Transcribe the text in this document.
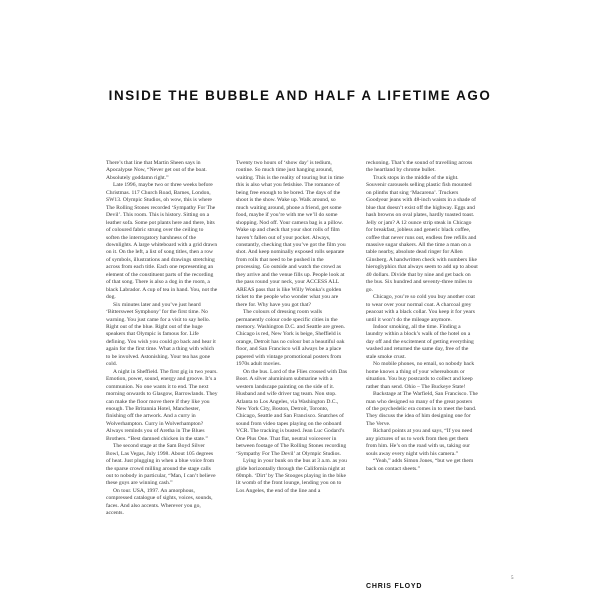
INSIDE THE BUBBLE AND HALF A LIFETIME AGO

There’s that line that Martin Sheen says in Apocalypse Now, “Never get out of the boat. Absolutely goddamn right.”

Late 1996, maybe two or three weeks before Christmas. 117 Church Road, Barnes, London, SW13. Olympic Studios, oh wow, this is where The Rolling Stones recorded ‘Sympathy For The Devil’. This room. This is history. Sitting on a leather sofa. Some pot plants here and there, bits of coloured fabric strung over the ceiling to soften the interrogatory harshness of the downlights. A large whiteboard with a grid drawn on it. On the left, a list of song titles, then a row of symbols, illustrations and drawings stretching across from each title. Each one representing an element of the constituent parts of the recording of that song. There is also a dog in the room, a black Labrador. A cup of tea in hand. You, not the dog.

Six minutes later and you’ve just heard ‘Bittersweet Symphony’ for the first time. No warning. You just came for a visit to say hello. Right out of the blue. Right out of the huge speakers that Olympic is famous for. Life defining. You wish you could go back and hear it again for the first time. What a thing with which to be involved. Astonishing. Your tea has gone cold.

A night in Sheffield. The first gig in two years. Emotion, power, sound, energy and groove. It’s a communion. No one wants it to end. The next morning onwards to Glasgow, Barrowlands. They can make the floor move there if they like you enough. The Britannia Hotel, Manchester, finishing off the artwork. And a curry in Wolverhampton. Curry in Wolverhampton? Always reminds you of Aretha in The Blues Brothers. “Best damned chicken in the state.”

The second stage at the Sam Boyd Silver Bowl, Las Vegas, July 1998. About 105 degrees of heat. Just plugging in when a blue voice from the sparse crowd milling around the stage calls out to nobody in particular, “Man, I can’t believe these guys are winning cash.”

On tour. USA, 1997. An amorphous, compressed catalogue of sights, voices, sounds, faces. And also accents. Wherever you go, accents.

Twenty two hours of ‘show day’ is tedium, routine. So much time just hanging around, waiting. This is the reality of touring but in time this is also what you fetishise. The romance of being free enough to be bored. The days of the shoot is the show. Wake up. Walk around, so much waiting around, phone a friend, get some food, maybe if you’re with me we’ll do some shopping. Nod off. Your camera bag is a pillow. Wake up and check that your shot rolls of film haven’t fallen out of your pocket. Always, constantly, checking that you’ve got the film you shot. And keep nominally exposed rolls separate from rolls that need to be pushed in the processing. Go outside and watch the crowd as they arrive and the venue fills up. People look at the pass round your neck, your ACCESS ALL AREAS pass that is like Willy Wonka’s golden ticket to the people who wonder what you are there for. Why have you got that?

The colours of dressing room walls permanently colour code specific cities in the memory. Washington D.C. and Seattle are green. Chicago is red, New York is beige, Sheffield is orange, Detroit has no colour but a beautiful oak floor, and San Francisco will always be a place papered with vintage promotional posters from 1970s adult movies.

On the bus. Lord of the Flies crossed with Das Boot. A silver aluminium submarine with a western landscape painting on the side of it. Husband and wife driver tag team. Non stop. Atlanta to Los Angeles, via Washington D.C., New York City, Boston, Detroit, Toronto, Chicago, Seattle and San Francisco. Snatches of sound from video tapes playing on the onboard VCR. The tracking is busted. Jean Luc Godard’s One Plus One. That flat, neutral voiceover in between footage of The Rolling Stones recording ‘Sympathy For The Devil’ at Olympic Studios.

Lying in your bunk on the bus at 3 a.m. as you glide horizontally through the California night at 60mph. ‘Dirt’ by The Stooges playing in the bike lit womb of the front lounge, lending you on to Los Angeles, the end of the line and a

reckoning. That’s the sound of travelling across the heartland by chrome bullet.

Truck stops in the middle of the night. Souvenir carousels selling plastic fish mounted on plinths that sing ‘Macarena’. Truckers Goodyear jeans with 48-inch waists in a shade of blue that doesn’t exist off the highway. Eggs and hash browns on oval plates, hardly toasted toast. Jelly or jam? A 12 ounce strip steak in Chicago for breakfast, jobless and generic black coffee, coffee that never runs out, endless free refills and massive sugar shakers. All the time a man on a table nearby, absolute dead ringer for Allen Ginsberg. A handwritten check with numbers like hieroglyphics that always seem to add up to about 40 dollars. Divide that by nine and get back on the bus. Six hundred and seventy-three miles to go.

Chicago, you’re so cold you buy another coat to wear over your normal coat. A charcoal grey peacoat with a black collar. You keep it for years until it won’t do the mileage anymore.

Indoor smoking, all the time. Finding a laundry within a block’s walk of the hotel on a day off and the excitement of getting everything washed and returned the same day, free of the stale smoke crust.

No mobile phones, no email, so nobody back home knows a thing of your whereabouts or situation. You buy postcards to collect and keep rather than send. Ohio – The Buckeye State!

Backstage at The Warfield, San Francisco. The man who designed so many of the great posters of the psychedelic era comes in to meet the band. They discuss the idea of him designing one for The Verve.

Richard points at you and says, “If you need any pictures of us to work from then get them from him. He’s on the road with us, taking our souls away every night with his camera.”

“Yeah,” adds Simon Jones, “but we get them back on contact sheets.”

CHRIS FLOYD
5
